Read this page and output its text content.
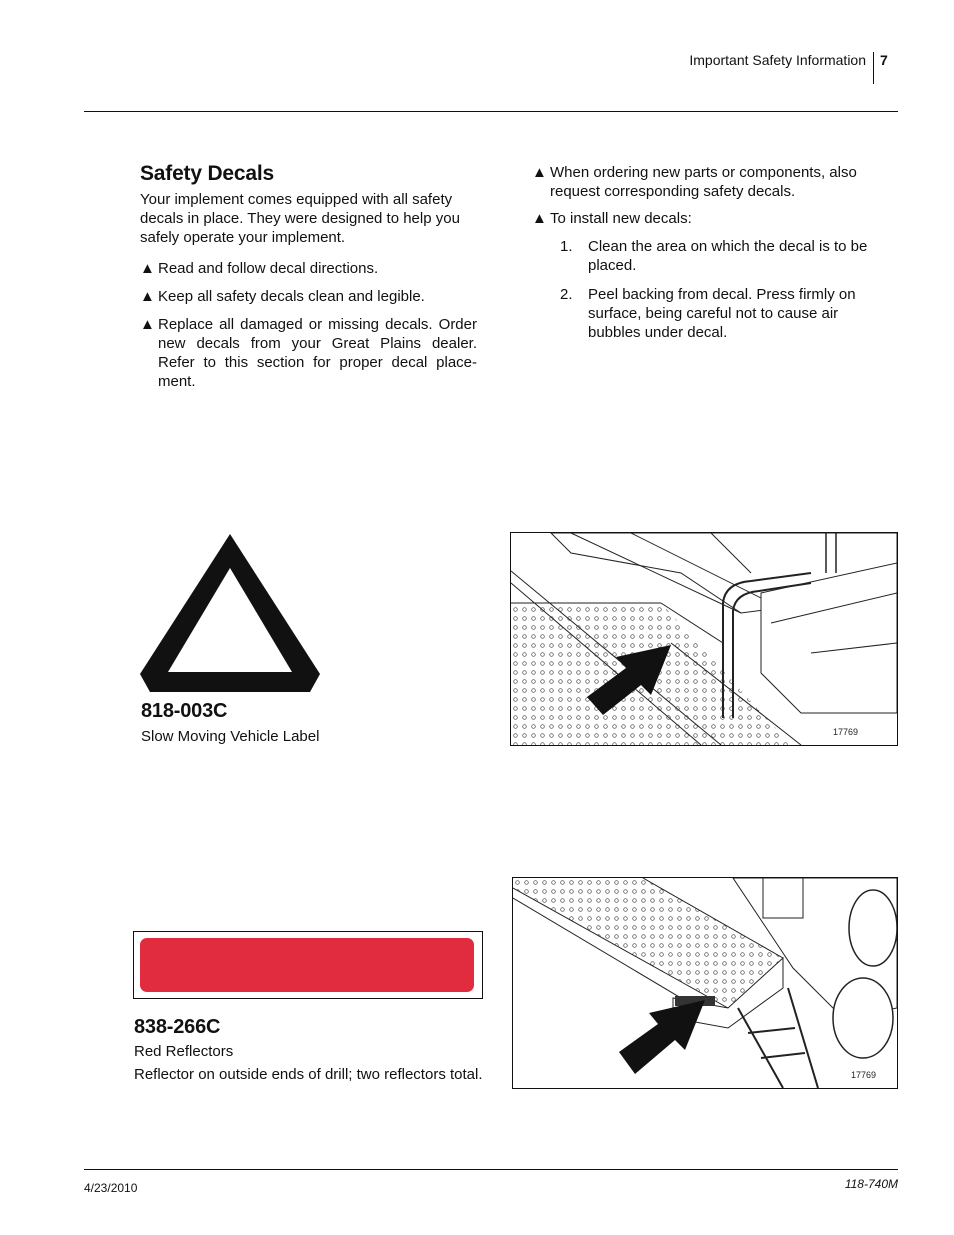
Important Safety Information 7
Safety Decals
Your implement comes equipped with all safety decals in place. They were designed to help you safely operate your implement.
▲ Read and follow decal directions.
▲ Keep all safety decals clean and legible.
▲ Replace all damaged or missing decals. Order new decals from your Great Plains dealer. Refer to this section for proper decal place-ment.
▲ When ordering new parts or components, also request corresponding safety decals.
▲ To install new decals:
1.	Clean the area on which the decal is to be placed.
2.	Peel backing from decal. Press firmly on surface, being careful not to cause air bubbles under decal.
818-003C
Slow Moving Vehicle Label	17769
838-266C
Red Reflectors
Reflector on outside ends of drill; two reflectors total.	17769
4/23/2010	118-740M
